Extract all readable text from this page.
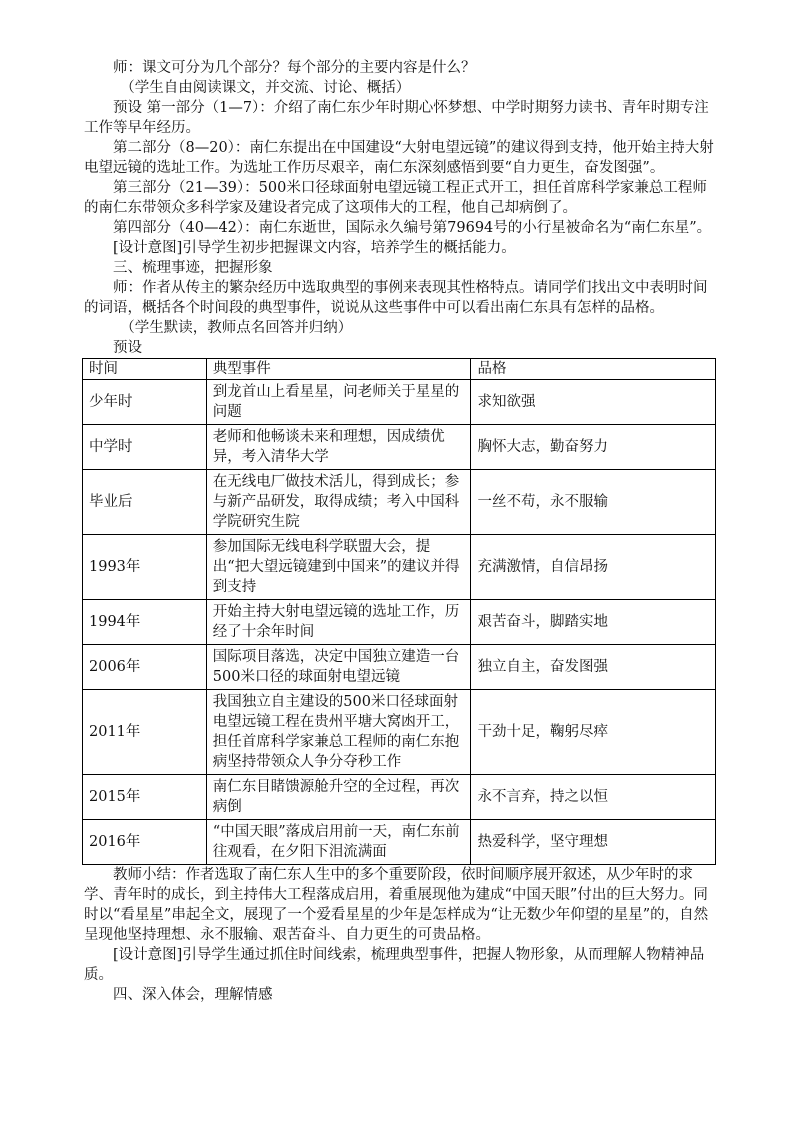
师：课文可分为几个部分？每个部分的主要内容是什么？

（学生自由阅读课文，并交流、讨论、概括）

预设 第一部分（1—7）：介绍了南仁东少年时期心怀梦想、中学时期努力读书、青年时期专注工作等早年经历。

第二部分（8—20）：南仁东提出在中国建设“大射电望远镜”的建议得到支持，他开始主持大射电望远镜的选址工作。为选址工作历尽艰辛，南仁东深刻感悟到要“自力更生，奋发图强”。

第三部分（21—39）：500米口径球面射电望远镜工程正式开工，担任首席科学家兼总工程师的南仁东带领众多科学家及建设者完成了这项伟大的工程，他自己却病倒了。

第四部分（40—42）：南仁东逝世，国际永久编号第79694号的小行星被命名为“南仁东星”。

[设计意图]引导学生初步把握课文内容，培养学生的概括能力。

三、梳理事迹，把握形象

师：作者从传主的繁杂经历中选取典型的事例来表现其性格特点。请同学们找出文中表明时间的词语，概括各个时间段的典型事件，说说从这些事件中可以看出南仁东具有怎样的品格。

（学生默读，教师点名回答并归纳）

预设

时间	典型事件	品格
少年时	到龙首山上看星星，问老师关于星星的问题	求知欲强
中学时	老师和他畅谈未来和理想，因成绩优异，考入清华大学	胸怀大志，勤奋努力
毕业后	在无线电厂做技术活儿，得到成长；参与新产品研发，取得成绩；考入中国科学院研究生院	一丝不苟，永不服输
1993年	参加国际无线电科学联盟大会，提出“把大望远镜建到中国来”的建议并得到支持	充满激情，自信昂扬
1994年	开始主持大射电望远镜的选址工作，历经了十余年时间	艰苦奋斗，脚踏实地
2006年	国际项目落选，决定中国独立建造一台500米口径的球面射电望远镜	独立自主，奋发图强
2011年	我国独立自主建设的500米口径球面射电望远镜工程在贵州平塘大窝凼开工，担任首席科学家兼总工程师的南仁东抱病坚持带领众人争分夺秒工作	干劲十足，鞠躬尽瘁
2015年	南仁东目睹馈源舱升空的全过程，再次病倒	永不言弃，持之以恒
2016年	“中国天眼”落成启用前一天，南仁东前往观看，在夕阳下泪流满面	热爱科学，坚守理想

教师小结：作者选取了南仁东人生中的多个重要阶段，依时间顺序展开叙述，从少年时的求学、青年时的成长，到主持伟大工程落成启用，着重展现他为建成“中国天眼”付出的巨大努力。同时以“看星星”串起全文，展现了一个爱看星星的少年是怎样成为“让无数少年仰望的星星”的，自然呈现他坚持理想、永不服输、艰苦奋斗、自力更生的可贵品格。

[设计意图]引导学生通过抓住时间线索，梳理典型事件，把握人物形象，从而理解人物精神品质。

四、深入体会，理解情感
